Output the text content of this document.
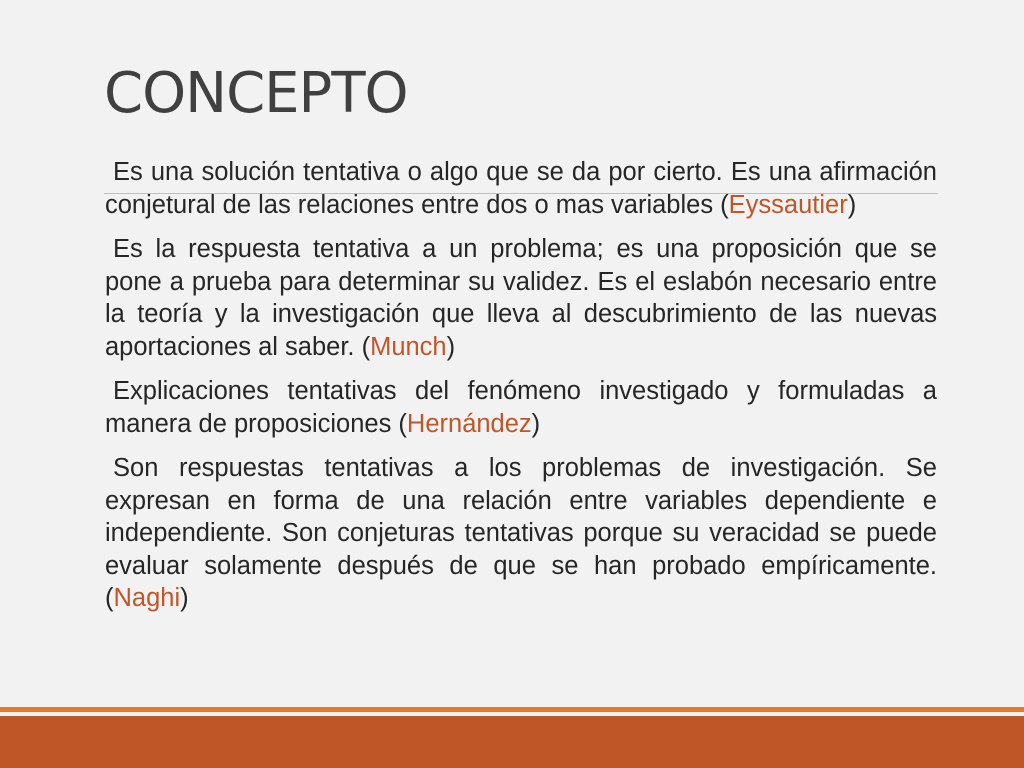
CONCEPTO

Es una solución tentativa o algo que se da por cierto. Es una afirmación conjetural de las relaciones entre dos o mas variables (Eyssautier)

Es la respuesta tentativa a un problema; es una proposición que se pone a prueba para determinar su validez. Es el eslabón necesario entre la teoría y la investigación que lleva al descubrimiento de las nuevas aportaciones al saber. (Munch)

Explicaciones tentativas del fenómeno investigado y formuladas a manera de proposiciones (Hernández)

Son respuestas tentativas a los problemas de investigación. Se expresan en forma de una relación entre variables dependiente e independiente. Son conjeturas tentativas porque su veracidad se puede evaluar solamente después de que se han probado empíricamente. (Naghi)
